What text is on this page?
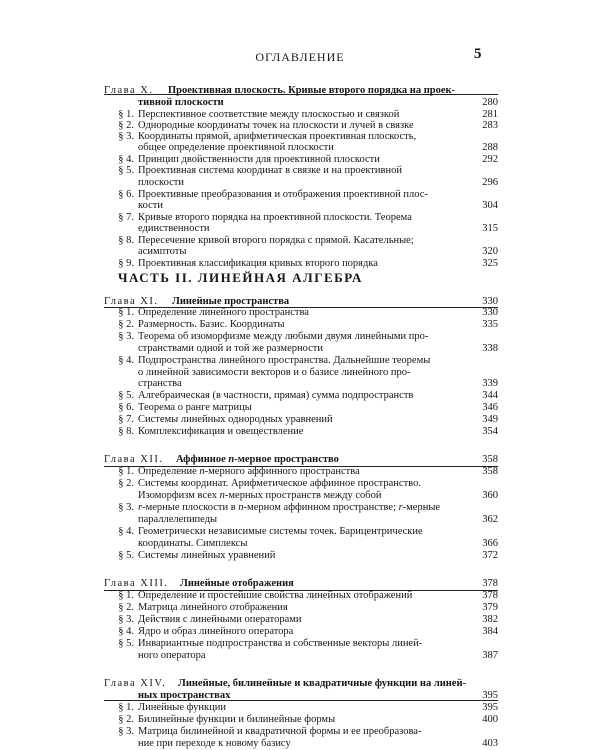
ОГЛАВЛЕНИЕ	5
ЧАСТЬ II. ЛИНЕЙНАЯ АЛГЕБРА
Глава X.	Проективная плоскость. Кривые второго порядка на проек-
тивной плоскости	280
§ 1. Перспективное соответствие между плоскостью и связкой	281
§ 2. Однородные координаты точек на плоскости и лучей в связке	283
§ 3. Координаты прямой, арифметическая проективная плоскость,
общее определение проективной плоскости	288
§ 4. Принцип двойственности для проективной плоскости	292
§ 5. Проективная система координат в связке и на проективной
плоскости	296
§ 6. Проективные преобразования и отображения проективной плос-
кости	304
§ 7. Кривые второго порядка на проективной плоскости. Теорема
единственности	315
§ 8. Пересечение кривой второго порядка с прямой. Касательные;
асимптоты	320
§ 9. Проективная классификация кривых второго порядка	325
Глава XI.	Линейные пространства	330
§ 1. Определение линейного пространства	330
§ 2. Размерность. Базис. Координаты	335
§ 3. Теорема об изоморфизме между любыми двумя линейными про-
странствами одной и той же размерности	338
§ 4. Подпространства линейного пространства. Дальнейшие теоремы
о линейной зависимости векторов и о базисе линейного про-
странства	339
§ 5. Алгебраическая (в частности, прямая) сумма подпространств	344
§ 6. Теорема о ранге матрицы	346
§ 7. Системы линейных однородных уравнений	349
§ 8. Комплексификация и овеществление	354
Глава XII. Аффинное n-мерное пространство	358
§ 1. Определение n-мерного аффинного пространства	358
§ 2. Системы координат. Арифметическое аффинное пространство.
Изоморфизм всех n-мерных пространств между собой	360
§ 3. r-мерные плоскости в n-мерном аффинном пространстве; r-мерные
параллелепипеды	362
§ 4. Геометрически независимые системы точек. Барицентрические
координаты. Симплексы	366
§ 5. Системы линейных уравнений	372
Глава XIII. Линейные отображения	378
§ 1. Определение и простейшие свойства линейных отображений	378
§ 2. Матрица линейного отображения	379
§ 3. Действия с линейными операторами	382
§ 4. Ядро и образ линейного оператора	384
§ 5. Инвариантные подпространства и собственные векторы линей-
ного оператора	387
Глава XIV. Линейные, билинейные и квадратичные функции на линей-
ных пространствах	395
§ 1. Линейные функции	395
§ 2. Билинейные функции и билинейные формы	400
§ 3. Матрица билинейной и квадратичной формы и ее преобразова-
ние при переходе к новому базису	403
